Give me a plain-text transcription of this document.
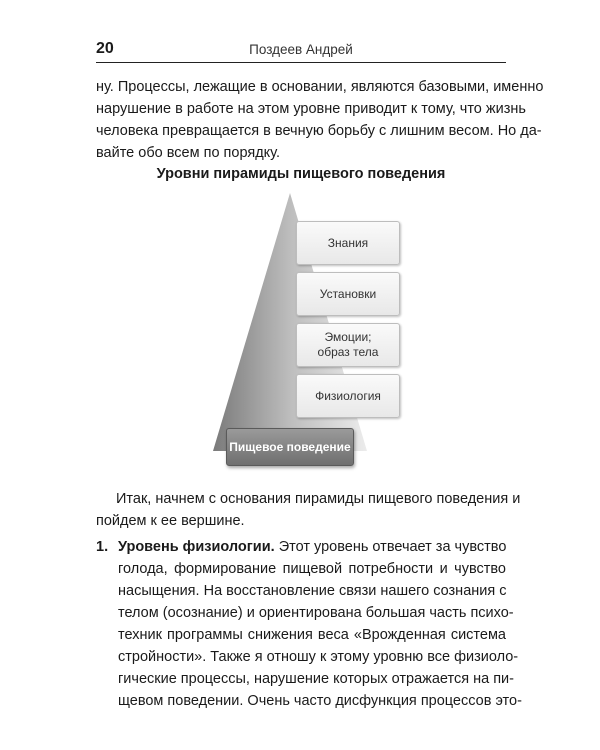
20	Поздеев Андрей
ну. Процессы, лежащие в основании, являются базовыми, именно
нарушение в работе на этом уровне приводит к тому, что жизнь
человека превращается в вечную борьбу с лишним весом. Но да-
вайте обо всем по порядку.
Уровни пирамиды пищевого поведения
Знания
Установки
Эмоции;
образ тела
Физиология
Пищевое поведение
Итак, начнем с основания пирамиды пищевого поведения и
пойдем к ее вершине.
1. Уровень физиологии. Этот уровень отвечает за чувство
голода, формирование пищевой потребности и чувство
насыщения. На восстановление связи нашего сознания с
телом (осознание) и ориентирована большая часть психо-
техник программы снижения веса «Врожденная система
стройности». Также я отношу к этому уровню все физиоло-
гические процессы, нарушение которых отражается на пи-
щевом поведении. Очень часто дисфункция процессов это-
